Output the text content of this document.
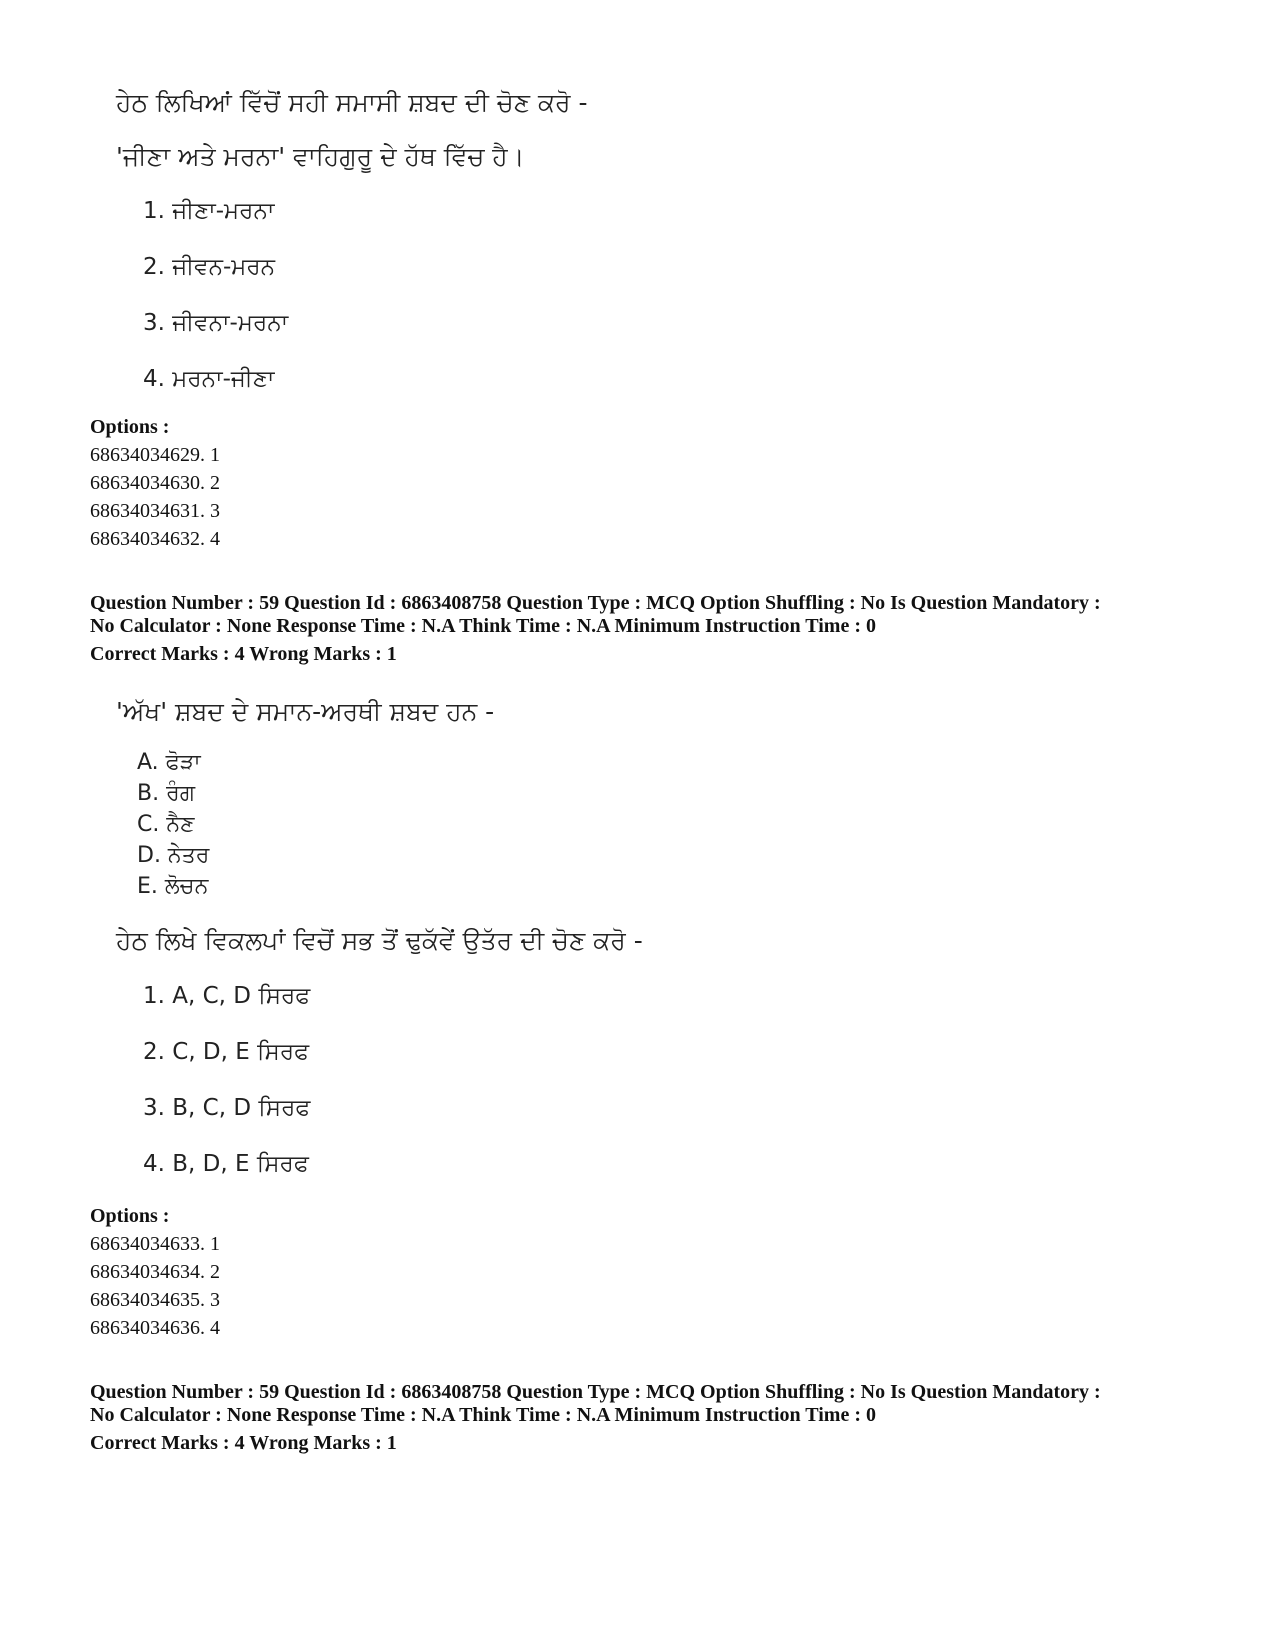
ਹੇਠ ਲਿਖਿਆਂ ਵਿੱਚੋਂ ਸਹੀ ਸਮਾਸੀ ਸ਼ਬਦ ਦੀ ਚੋਣ ਕਰੋ -
'ਜੀਣਾ ਅਤੇ ਮਰਨਾ' ਵਾਹਿਗੁਰੂ ਦੇ ਹੱਥ ਵਿੱਚ ਹੈ।
1. ਜੀਣਾ-ਮਰਨਾ
2. ਜੀਵਨ-ਮਰਨ
3. ਜੀਵਨਾ-ਮਰਨਾ
4. ਮਰਨਾ-ਜੀਣਾ
Options :
68634034629. 1
68634034630. 2
68634034631. 3
68634034632. 4
Question Number : 59 Question Id : 6863408758 Question Type : MCQ Option Shuffling : No Is Question Mandatory :
No Calculator : None Response Time : N.A Think Time : N.A Minimum Instruction Time : 0
Correct Marks : 4 Wrong Marks : 1
'ਅੱਖ' ਸ਼ਬਦ ਦੇ ਸਮਾਨ-ਅਰਥੀ ਸ਼ਬਦ ਹਨ -
A. ਫੋੜਾ
B. ਰੰਗ
C. ਨੈਣ
D. ਨੇਤਰ
E. ਲੋਚਨ
ਹੇਠ ਲਿਖੇ ਵਿਕਲਪਾਂ ਵਿਚੋਂ ਸਭ ਤੋਂ ਢੁਕੱਵੇਂ ਉਤੱਰ ਦੀ ਚੋਣ ਕਰੋ -
1. A, C, D ਸਿਰਫ
2. C, D, E ਸਿਰਫ
3. B, C, D ਸਿਰਫ
4. B, D, E ਸਿਰਫ
Options :
68634034633. 1
68634034634. 2
68634034635. 3
68634034636. 4
Question Number : 59 Question Id : 6863408758 Question Type : MCQ Option Shuffling : No Is Question Mandatory :
No Calculator : None Response Time : N.A Think Time : N.A Minimum Instruction Time : 0
Correct Marks : 4 Wrong Marks : 1
